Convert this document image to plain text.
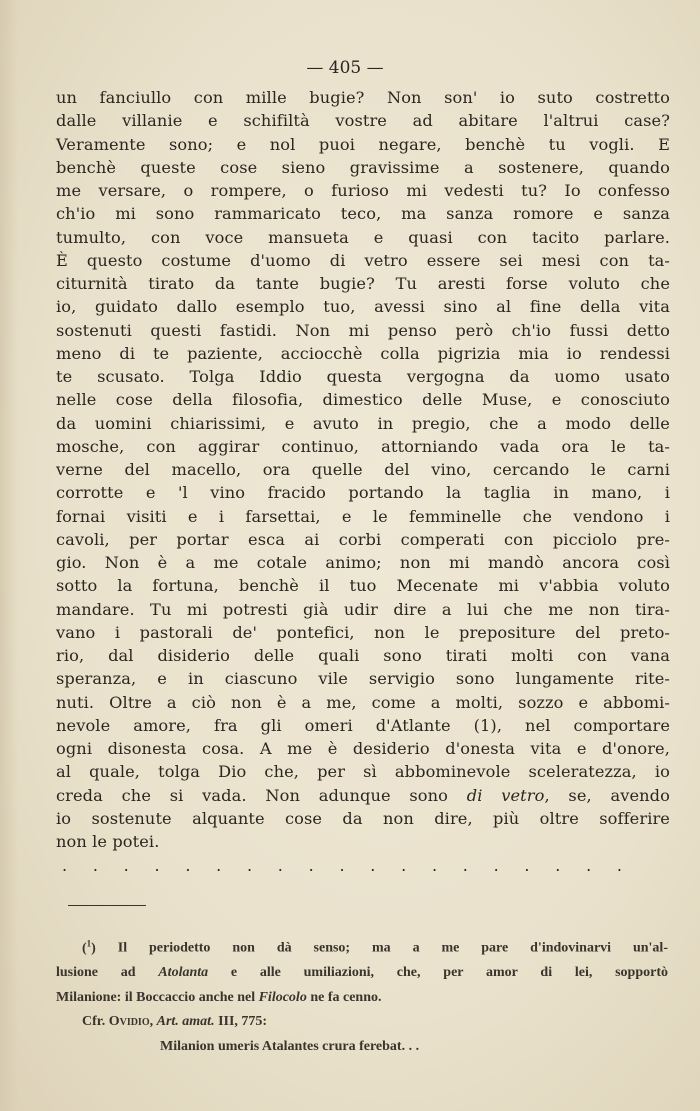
— 405 —
un fanciullo con mille bugie? Non son' io suto costretto
dalle villanie e schifiltà vostre ad abitare l'altrui case?
Veramente sono; e nol puoi negare, benchè tu vogli. E
benchè queste cose sieno gravissime a sostenere, quando
me versare, o rompere, o furioso mi vedesti tu? Io confesso
ch'io mi sono rammaricato teco, ma sanza romore e sanza
tumulto, con voce mansueta e quasi con tacito parlare.
È questo costume d'uomo di vetro essere sei mesi con ta-
citurnità tirato da tante bugie? Tu aresti forse voluto che
io, guidato dallo esemplo tuo, avessi sino al fine della vita
sostenuti questi fastidi. Non mi penso però ch'io fussi detto
meno di te paziente, acciocchè colla pigrizia mia io rendessi
te scusato. Tolga Iddio questa vergogna da uomo usato
nelle cose della filosofia, dimestico delle Muse, e conosciuto
da uomini chiarissimi, e avuto in pregio, che a modo delle
mosche, con aggirar continuo, attorniando vada ora le ta-
verne del macello, ora quelle del vino, cercando le carni
corrotte e 'l vino fracido portando la taglia in mano, i
fornai visiti e i farsettai, e le femminelle che vendono i
cavoli, per portar esca ai corbi comperati con picciolo pre-
gio. Non è a me cotale animo; non mi mandò ancora così
sotto la fortuna, benchè il tuo Mecenate mi v'abbia voluto
mandare. Tu mi potresti già udir dire a lui che me non tira-
vano i pastorali de' pontefici, non le prepositure del preto-
rio, dal disiderio delle quali sono tirati molti con vana
speranza, e in ciascuno vile servigio sono lungamente rite-
nuti. Oltre a ciò non è a me, come a molti, sozzo e abbomi-
nevole amore, fra gli omeri d'Atlante (1), nel comportare
ogni disonesta cosa. A me è desiderio d'onesta vita e d'onore,
al quale, tolga Dio che, per sì abbominevole sceleratezza, io
creda che si vada. Non adunque sono di vetro, se, avendo
io sostenute alquante cose da non dire, più oltre sofferire
non le potei.
. . . . . . . . . . . . . . . . . . .
($^1$) Il periodetto non dà senso; ma a me pare d'indovinarvi un'al-
lusione ad Atolanta e alle umiliazioni, che, per amor di lei, sopportò
Milanione: il Boccaccio anche nel Filocolo ne fa cenno.
Cfr. Ovidio, Art. amat. III, 775:
Milanion umeris Atalantes crura ferebat. . .
